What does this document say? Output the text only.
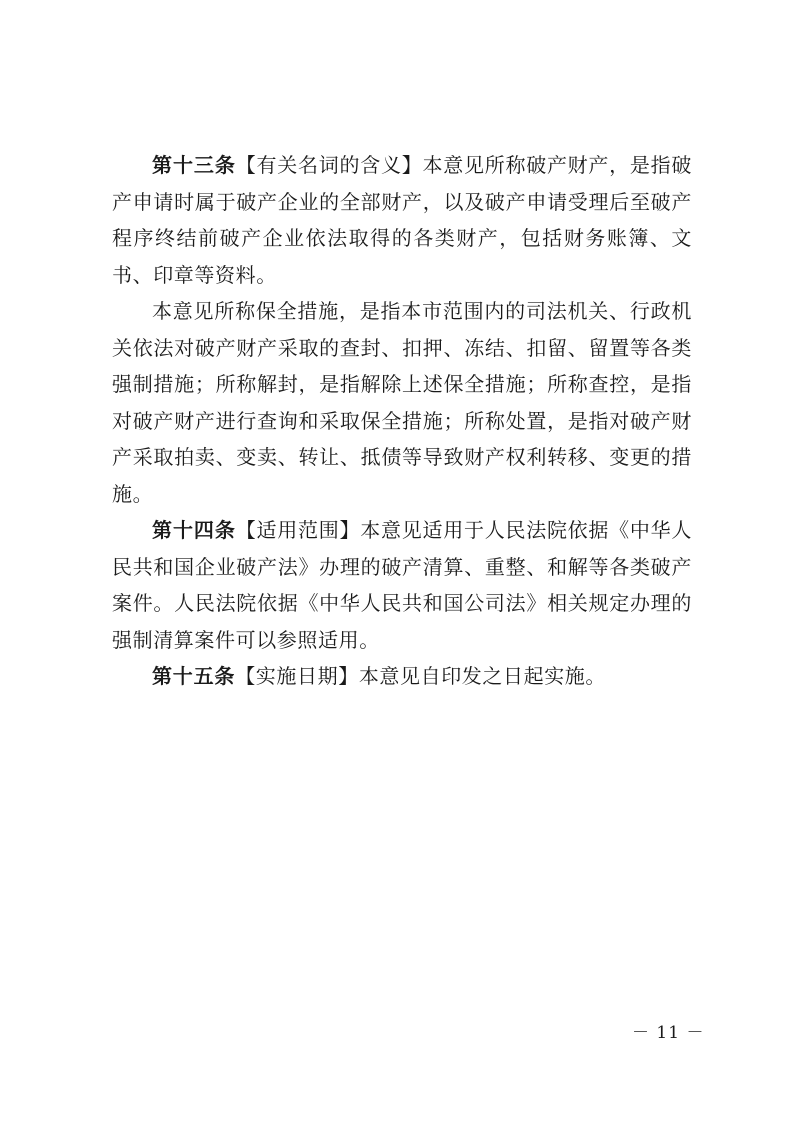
第十三条【有关名词的含义】本意见所称破产财产，是指破产申请时属于破产企业的全部财产，以及破产申请受理后至破产程序终结前破产企业依法取得的各类财产，包括财务账簿、文书、印章等资料。

本意见所称保全措施，是指本市范围内的司法机关、行政机关依法对破产财产采取的查封、扣押、冻结、扣留、留置等各类强制措施；所称解封，是指解除上述保全措施；所称查控，是指对破产财产进行查询和采取保全措施；所称处置，是指对破产财产采取拍卖、变卖、转让、抵债等导致财产权利转移、变更的措施。

第十四条【适用范围】本意见适用于人民法院依据《中华人民共和国企业破产法》办理的破产清算、重整、和解等各类破产案件。人民法院依据《中华人民共和国公司法》相关规定办理的强制清算案件可以参照适用。

第十五条【实施日期】本意见自印发之日起实施。

－ 11 －
